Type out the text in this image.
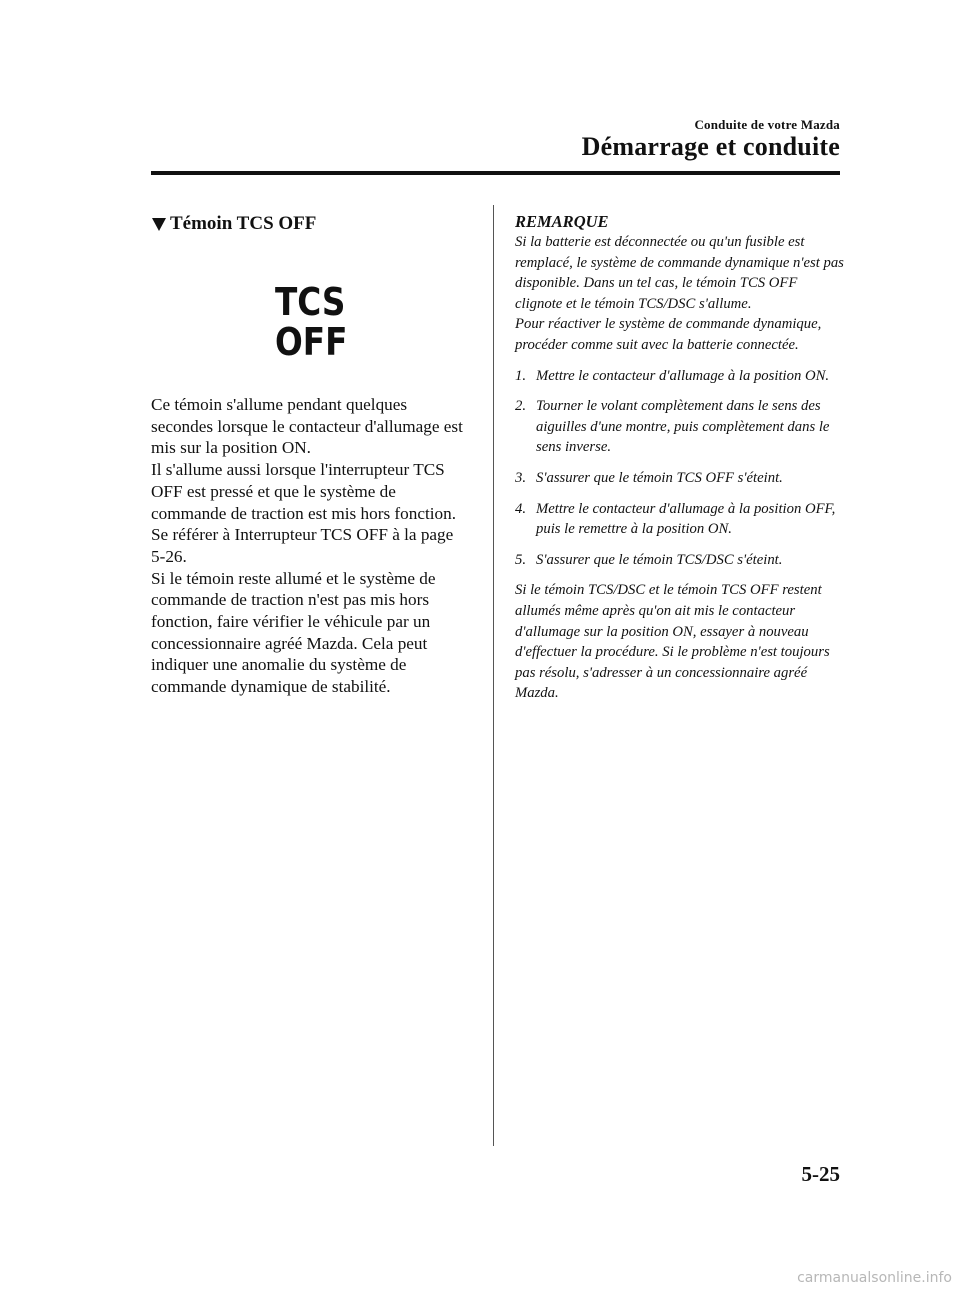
Conduite de votre Mazda
Démarrage et conduite
Témoin TCS OFF
TCS
OFF

Ce témoin s'allume pendant quelques secondes lorsque le contacteur d'allumage est mis sur la position ON.

Il s'allume aussi lorsque l'interrupteur TCS OFF est pressé et que le système de commande de traction est mis hors fonction.

Se référer à Interrupteur TCS OFF à la page 5-26.

Si le témoin reste allumé et le système de commande de traction n'est pas mis hors fonction, faire vérifier le véhicule par un concessionnaire agréé Mazda. Cela peut indiquer une anomalie du système de commande dynamique de stabilité.

REMARQUE

Si la batterie est déconnectée ou qu'un fusible est remplacé, le système de commande dynamique n'est pas disponible. Dans un tel cas, le témoin TCS OFF clignote et le témoin TCS/DSC s'allume.

Pour réactiver le système de commande dynamique, procéder comme suit avec la batterie connectée.

1. Mettre le contacteur d'allumage à la position ON.
2. Tourner le volant complètement dans le sens des aiguilles d'une montre, puis complètement dans le sens inverse.
3. S'assurer que le témoin TCS OFF s'éteint.
4. Mettre le contacteur d'allumage à la position OFF, puis le remettre à la position ON.
5. S'assurer que le témoin TCS/DSC s'éteint.
Si le témoin TCS/DSC et le témoin TCS OFF restent allumés même après qu'on ait mis le contacteur d'allumage sur la position ON, essayer à nouveau d'effectuer la procédure. Si le problème n'est toujours pas résolu, s'adresser à un concessionnaire agréé Mazda.
5-25
carmanualsonline.info
